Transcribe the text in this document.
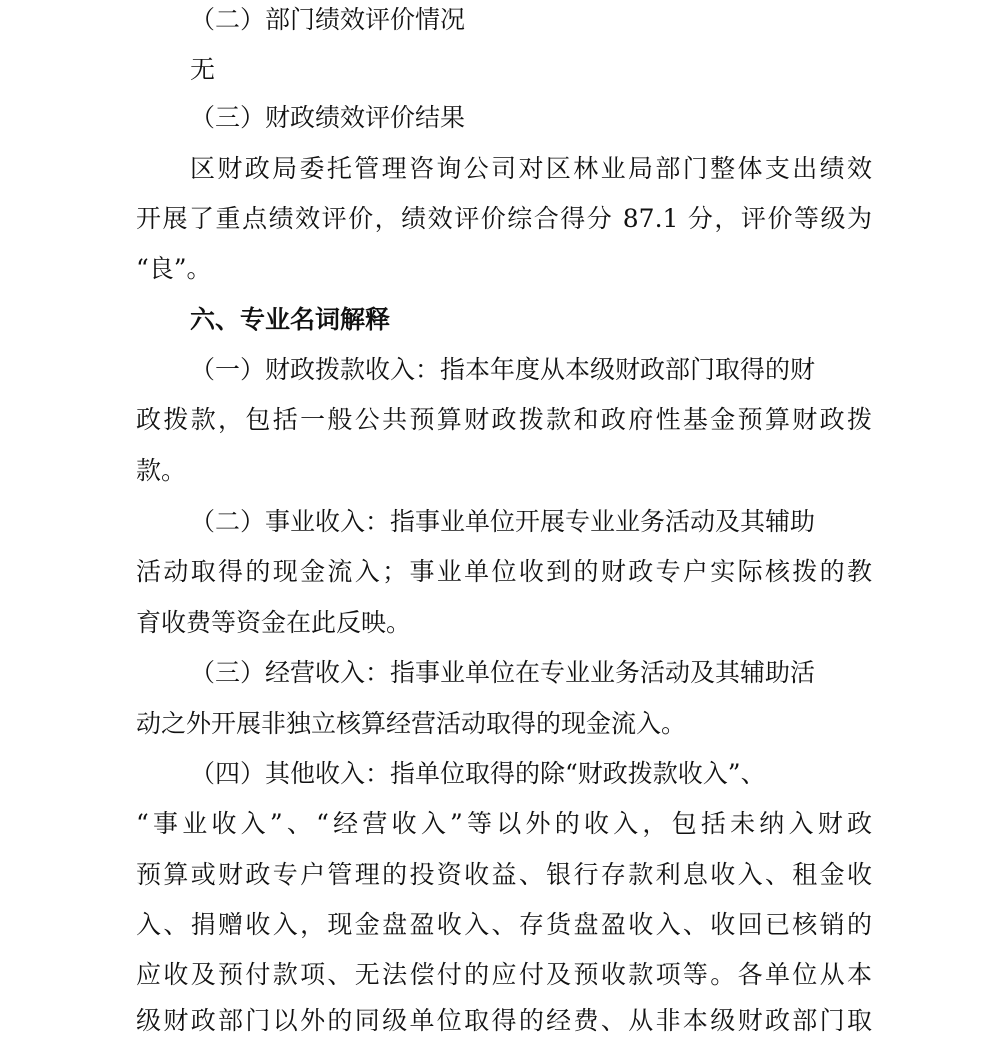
（二）部门绩效评价情况
无
（三）财政绩效评价结果
区财政局委托管理咨询公司对区林业局部门整体支出绩效
开展了重点绩效评价，绩效评价综合得分 87.1 分，评价等级为
“良”。
六、专业名词解释
（一）财政拨款收入：指本年度从本级财政部门取得的财
政拨款，包括一般公共预算财政拨款和政府性基金预算财政拨
款。
（二）事业收入：指事业单位开展专业业务活动及其辅助
活动取得的现金流入；事业单位收到的财政专户实际核拨的教
育收费等资金在此反映。
（三）经营收入：指事业单位在专业业务活动及其辅助活
动之外开展非独立核算经营活动取得的现金流入。
（四）其他收入：指单位取得的除“财政拨款收入”、
“事业收入”、“经营收入”等以外的收入，包括未纳入财政
预算或财政专户管理的投资收益、银行存款利息收入、租金收
入、捐赠收入，现金盘盈收入、存货盘盈收入、收回已核销的
应收及预付款项、无法偿付的应付及预收款项等。各单位从本
级财政部门以外的同级单位取得的经费、从非本级财政部门取
